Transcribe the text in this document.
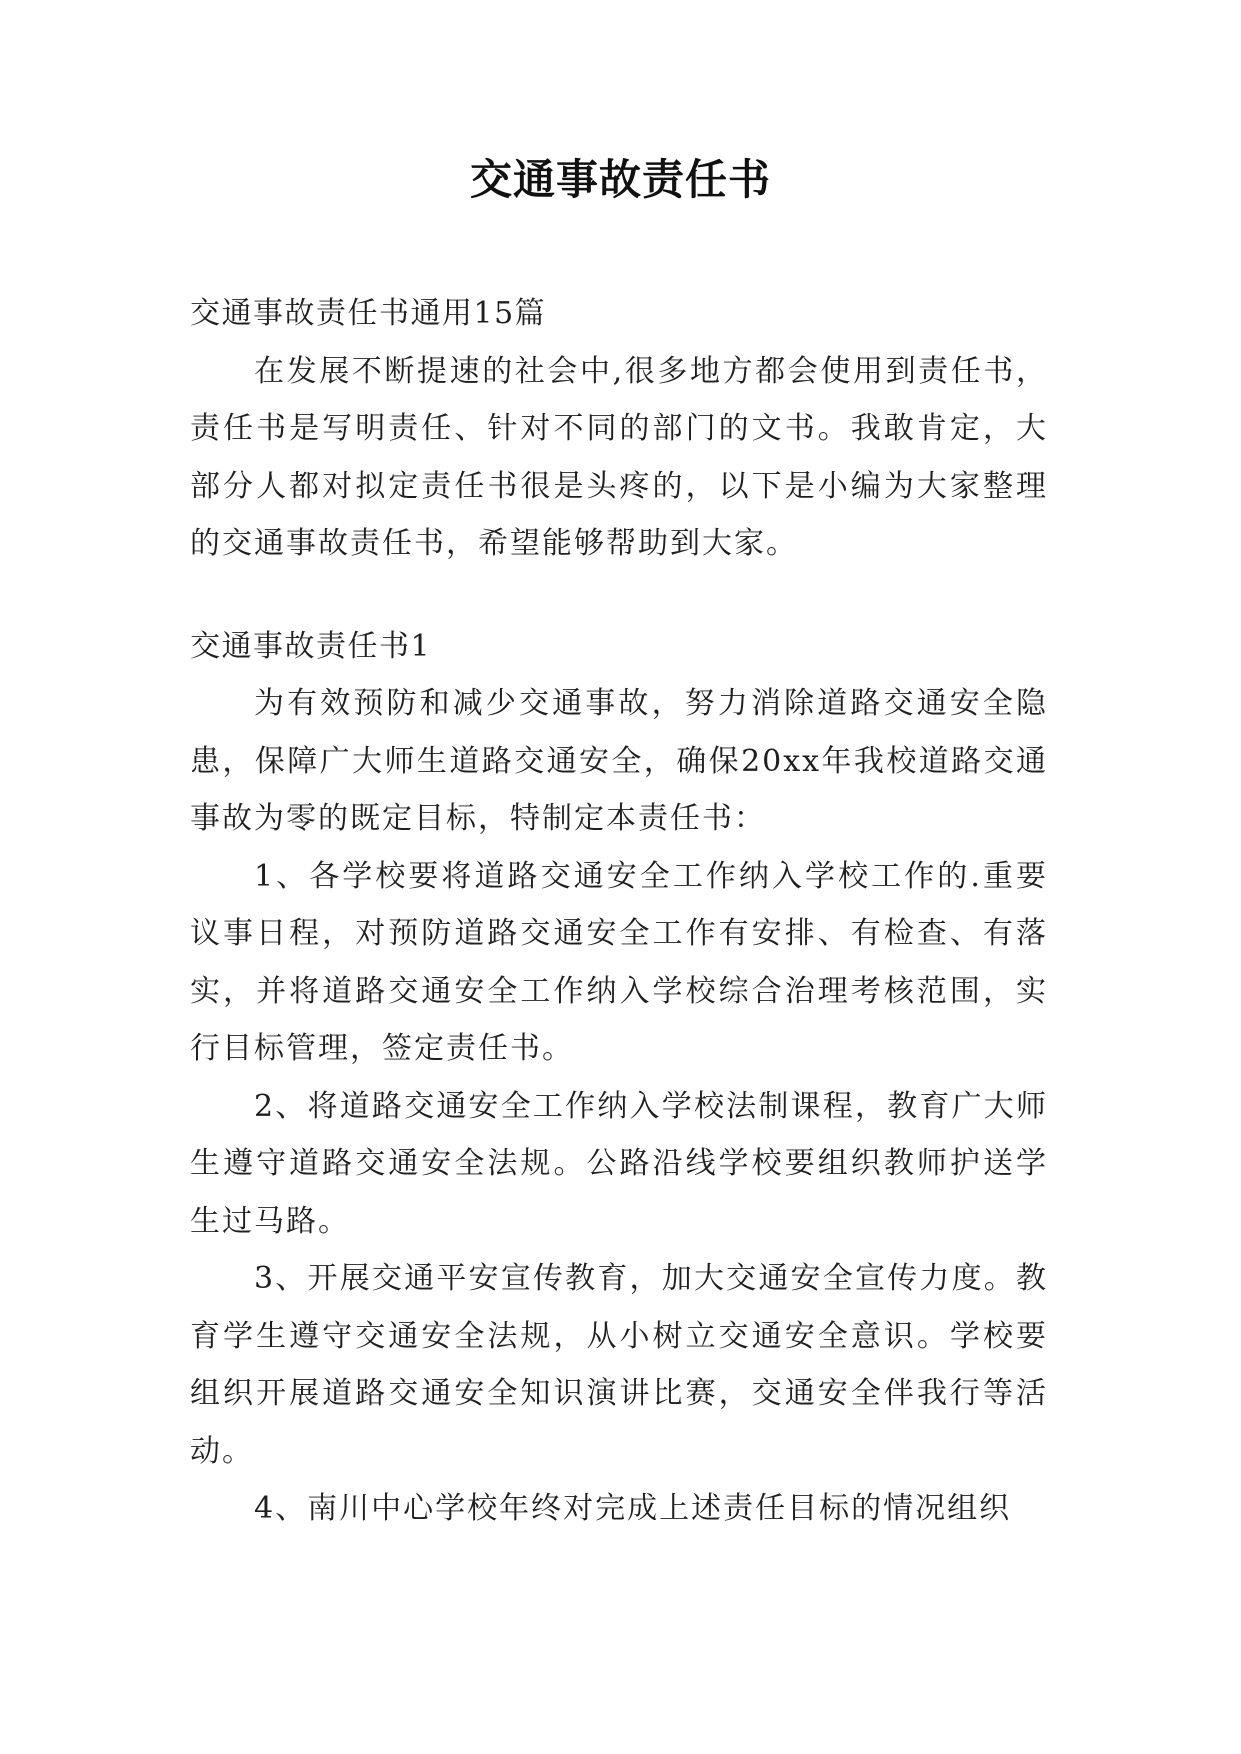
交通事故责任书

交通事故责任书通用15篇

在发展不断提速的社会中,很多地方都会使用到责任书，责任书是写明责任、针对不同的部门的文书。我敢肯定，大部分人都对拟定责任书很是头疼的，以下是小编为大家整理的交通事故责任书，希望能够帮助到大家。

交通事故责任书1

为有效预防和减少交通事故，努力消除道路交通安全隐患，保障广大师生道路交通安全，确保20xx年我校道路交通事故为零的既定目标，特制定本责任书：

1、各学校要将道路交通安全工作纳入学校工作的.重要议事日程，对预防道路交通安全工作有安排、有检查、有落实，并将道路交通安全工作纳入学校综合治理考核范围，实行目标管理，签定责任书。

2、将道路交通安全工作纳入学校法制课程，教育广大师生遵守道路交通安全法规。公路沿线学校要组织教师护送学生过马路。

3、开展交通平安宣传教育，加大交通安全宣传力度。教育学生遵守交通安全法规，从小树立交通安全意识。学校要组织开展道路交通安全知识演讲比赛，交通安全伴我行等活动。

4、南川中心学校年终对完成上述责任目标的情况组织
